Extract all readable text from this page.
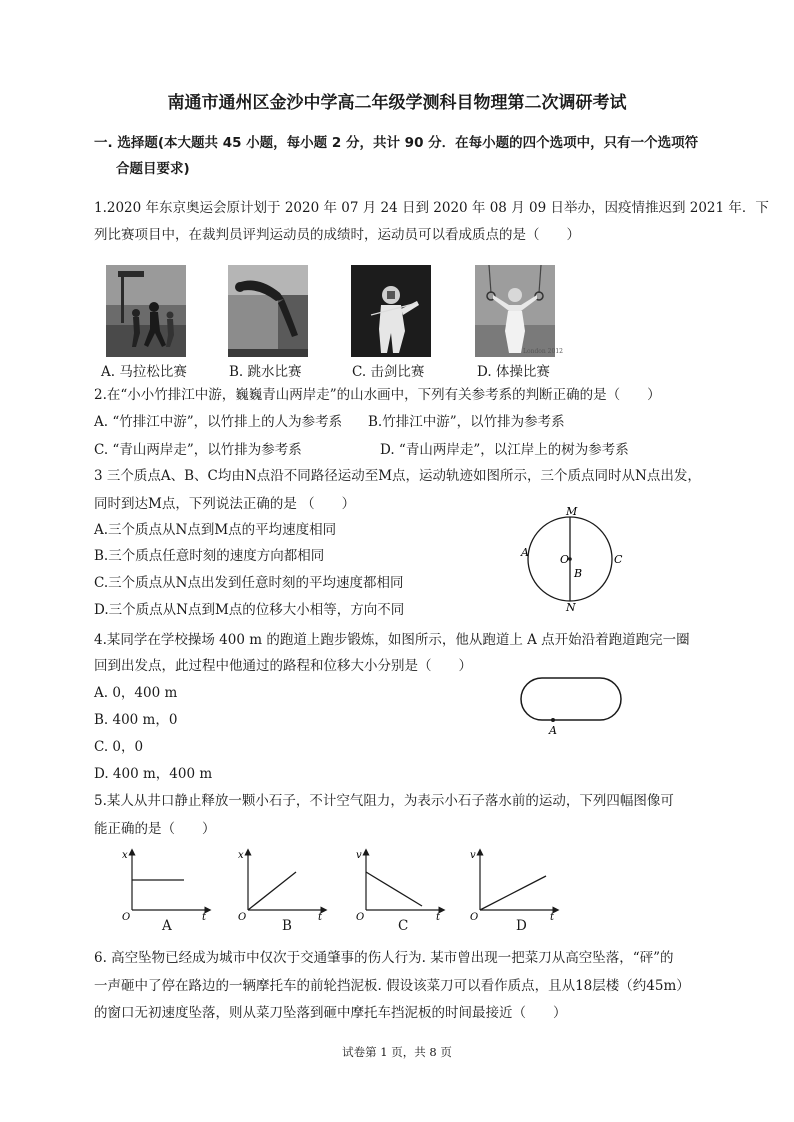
南通市通州区金沙中学高二年级学测科目物理第二次调研考试
一. 选择题(本大题共 45 小题，每小题 2 分，共计 90 分．在每小题的四个选项中，只有一个选项符
合题目要求)
1.2020 年东京奥运会原计划于 2020 年 07 月 24 日到 2020 年 08 月 09 日举办，因疫情推迟到 2021 年．下
列比赛项目中，在裁判员评判运动员的成绩时，运动员可以看成质点的是（　　）
London 2012
A. 马拉松比赛	B. 跳水比赛	C. 击剑比赛	D. 体操比赛
2.在“小小竹排江中游，巍巍青山两岸走”的山水画中，下列有关参考系的判断正确的是（　　）
A. “竹排江中游”，以竹排上的人为参考系 B.竹排江中游”，以竹排为参考系
C. “青山两岸走”，以竹排为参考系	D. “青山两岸走”，以江岸上的树为参考系
3 三个质点A、B、C均由N点沿不同路径运动至M点，运动轨迹如图所示，三个质点同时从N点出发，
同时到达M点，下列说法正确的是 （　　）
A.三个质点从N点到M点的平均速度相同
B.三个质点任意时刻的速度方向都相同
C.三个质点从N点出发到任意时刻的平均速度都相同
D.三个质点从N点到M点的位移大小相等，方向不同
M
N
O
A
B
C
4.某同学在学校操场 400 m 的跑道上跑步锻炼，如图所示，他从跑道上 A 点开始沿着跑道跑完一圈
回到出发点，此过程中他通过的路程和位移大小分别是（　　）
A. 0，400 m
B. 400 m，0
C. 0，0
D. 400 m，400 m
A
5.某人从井口静止释放一颗小石子，不计空气阻力，为表示小石子落水前的运动，下列四幅图像可
能正确的是（　　）
x
t
O
A
x
t
O
B
v
t
O
C
v
t
O
D
6. 高空坠物已经成为城市中仅次于交通肇事的伤人行为. 某市曾出现一把菜刀从高空坠落，“砰”的
一声砸中了停在路边的一辆摩托车的前轮挡泥板. 假设该菜刀可以看作质点，且从18层楼（约45m）
的窗口无初速度坠落，则从菜刀坠落到砸中摩托车挡泥板的时间最接近（　　）
试卷第 1 页，共 8 页
